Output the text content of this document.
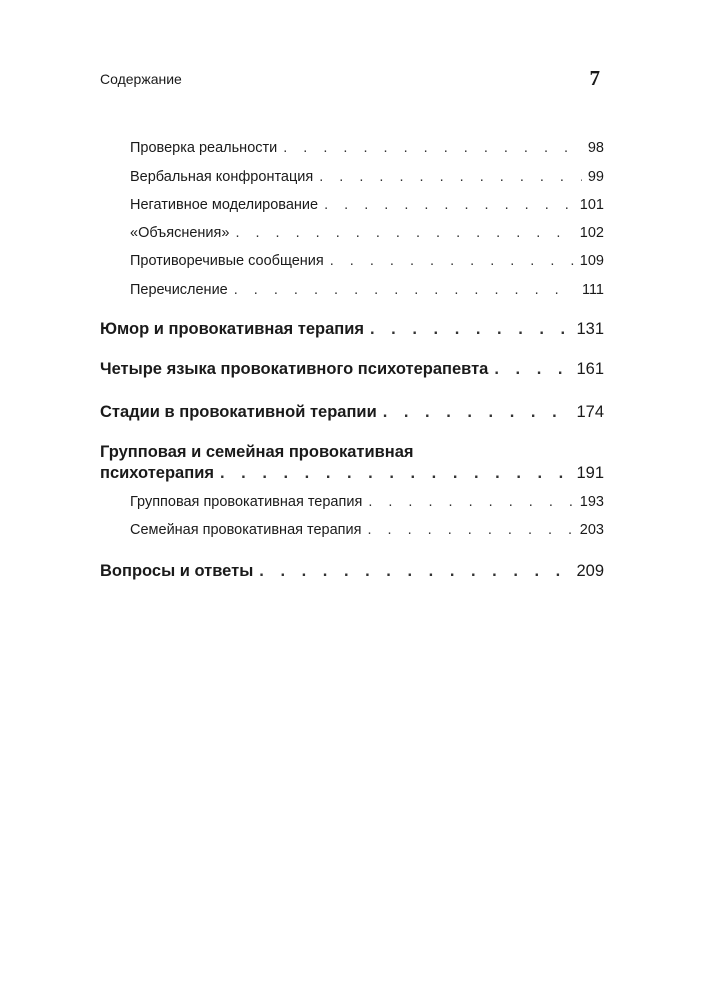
Содержание	7
Проверка реальности . . .	98
Вербальная конфронтация . . .	99
Негативное моделирование . . .	101
«Объяснения» . . .	102
Противоречивые сообщения . . .	109
Перечисление . . .	111
Юмор и провокативная терапия . . .	131
Четыре языка провокативного психотерапевта . . .	161
Стадии в провокативной терапии . . .	174
Групповая и семейная провокативная
психотерапия . . .	191
Групповая провокативная терапия . . .	193
Семейная провокативная терапия . . .	203
Вопросы и ответы . . .	209
